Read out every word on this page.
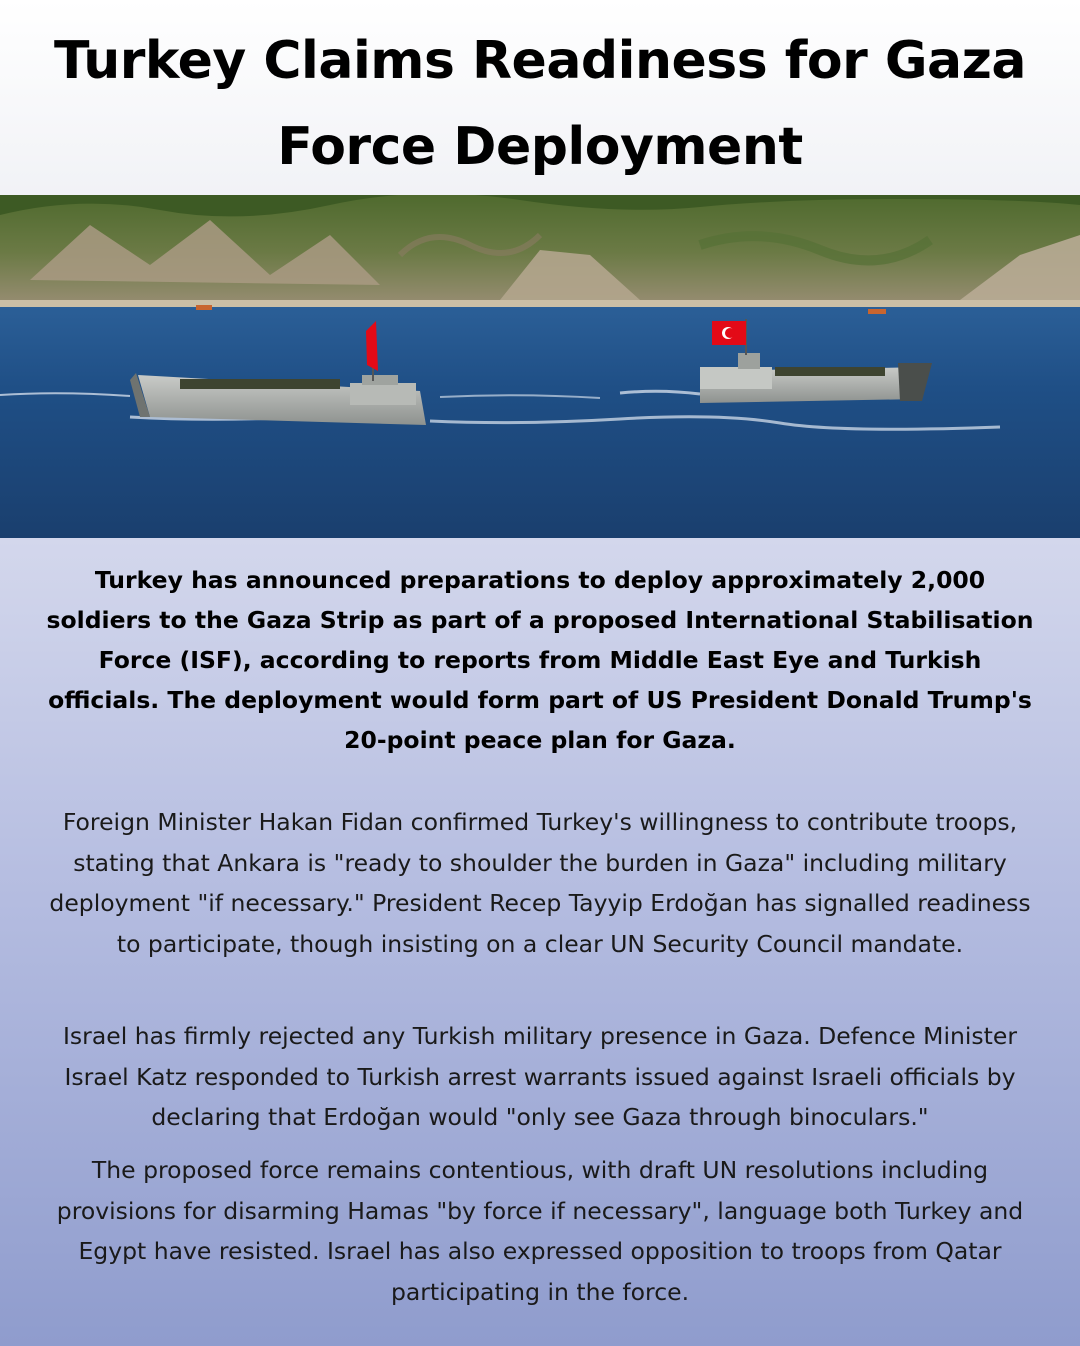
Turkey Claims Readiness for Gaza Force Deployment

Turkey has announced preparations to deploy approximately 2,000 soldiers to the Gaza Strip as part of a proposed International Stabilisation Force (ISF), according to reports from Middle East Eye and Turkish officials. The deployment would form part of US President Donald Trump's 20-point peace plan for Gaza.

Foreign Minister Hakan Fidan confirmed Turkey's willingness to contribute troops, stating that Ankara is "ready to shoulder the burden in Gaza" including military deployment "if necessary." President Recep Tayyip Erdoğan has signalled readiness to participate, though insisting on a clear UN Security Council mandate.

Israel has firmly rejected any Turkish military presence in Gaza. Defence Minister Israel Katz responded to Turkish arrest warrants issued against Israeli officials by declaring that Erdoğan would "only see Gaza through binoculars."

The proposed force remains contentious, with draft UN resolutions including provisions for disarming Hamas "by force if necessary", language both Turkey and Egypt have resisted. Israel has also expressed opposition to troops from Qatar participating in the force.
